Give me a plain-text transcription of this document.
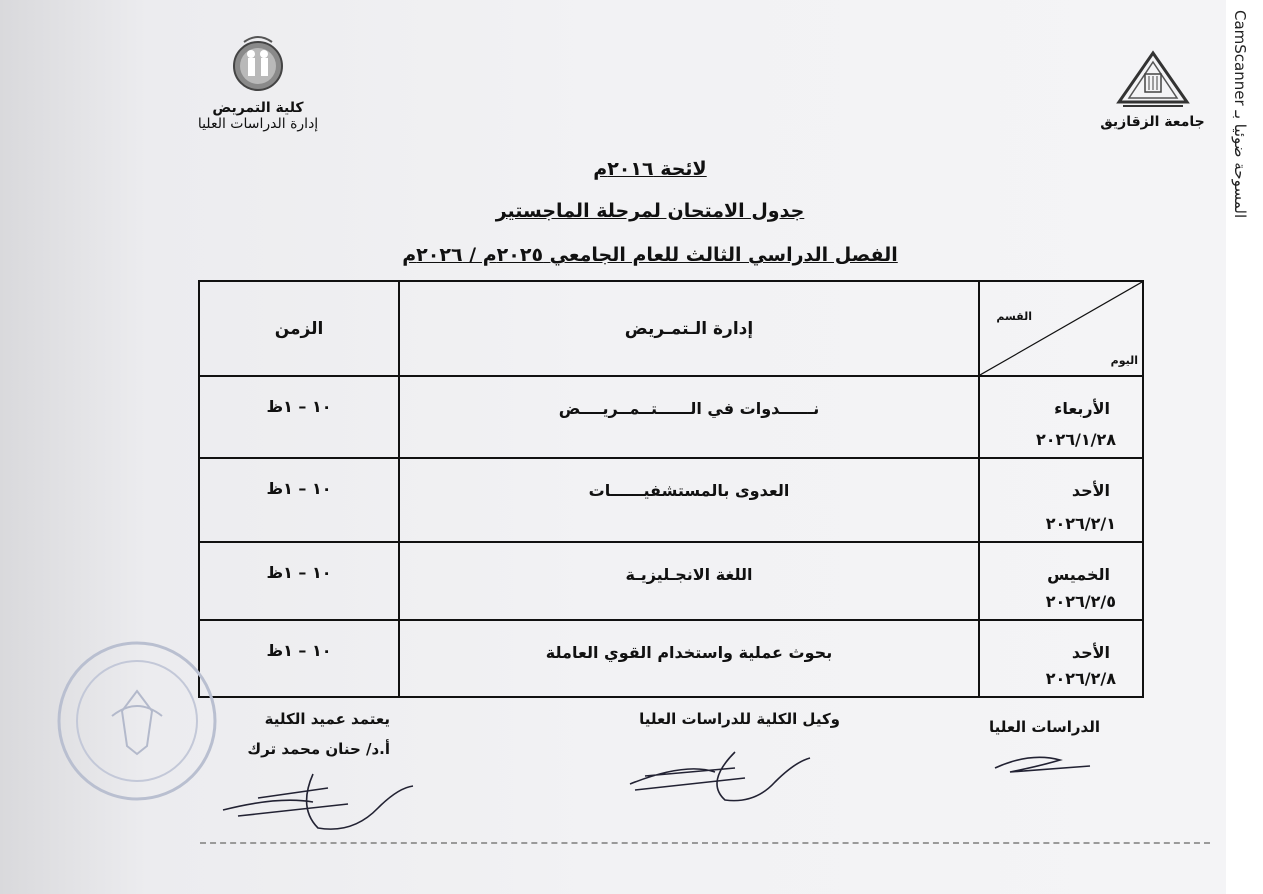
CamScanner المسوحة ضوئيا بـ
جامعة الزقازيق
كلية التمريض
إدارة الدراسات العليا
لائحة ٢٠١٦م
جدول الامتحان لمرحلة الماجستير
الفصل الدراسي الثالث للعام الجامعي ٢٠٢٥م / ٢٠٢٦م
القسم
اليوم
إدارة الـتمـريض
الزمن
الأربعاء
٢٠٢٦/١/٢٨
نــــــدوات في الــــــتــمــريــــض
١٠ – ١ظ
الأحد
٢٠٢٦/٢/١
العدوى بالمستشفيــــــات
١٠ – ١ظ
الخميس
٢٠٢٦/٢/٥
اللغة الانجـليزيـة
١٠ – ١ظ
الأحد
٢٠٢٦/٢/٨
بحوث عملية واستخدام القوي العاملة
١٠ – ١ظ
الدراسات العليا
وكيل الكلية للدراسات العليا
يعتمد عميد الكلية
أ.د/ حنان محمد ترك
